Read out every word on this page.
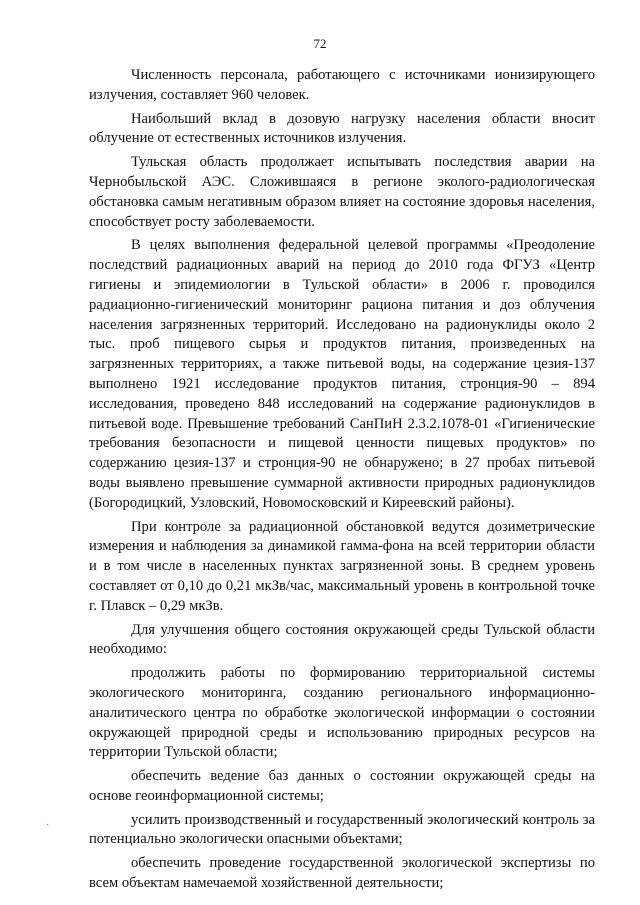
72

Численность персонала, работающего с источниками ионизирующего излучения, составляет 960 человек.

Наибольший вклад в дозовую нагрузку населения области вносит облучение от естественных источников излучения.

Тульская область продолжает испытывать последствия аварии на Чернобыльской АЭС. Сложившаяся в регионе эколого-радиологическая обстановка самым негативным образом влияет на состояние здоровья населения, способствует росту заболеваемости.

В целях выполнения федеральной целевой программы «Преодоление последствий радиационных аварий на период до 2010 года ФГУЗ «Центр гигиены и эпидемиологии в Тульской области» в 2006 г. проводился радиационно-гигиенический мониторинг рациона питания и доз облучения населения загрязненных территорий. Исследовано на радионуклиды около 2 тыс. проб пищевого сырья и продуктов питания, произведенных на загрязненных территориях, а также питьевой воды, на содержание цезия-137 выполнено 1921 исследование продуктов питания, стронция-90 – 894 исследования, проведено 848 исследований на содержание радионуклидов в питьевой воде. Превышение требований СанПиН 2.3.2.1078-01 «Гигиенические требования безопасности и пищевой ценности пищевых продуктов» по содержанию цезия-137 и стронция-90 не обнаружено; в 27 пробах питьевой воды выявлено превышение суммарной активности природных радионуклидов (Богородицкий, Узловский, Новомосковский и Киреевский районы).

При контроле за радиационной обстановкой ведутся дозиметрические измерения и наблюдения за динамикой гамма-фона на всей территории области и в том числе в населенных пунктах загрязненной зоны. В среднем уровень составляет от 0,10 до 0,21 мкЗв/час, максимальный уровень в контрольной точке г. Плавск – 0,29 мкЗв.

Для улучшения общего состояния окружающей среды Тульской области необходимо:

продолжить работы по формированию территориальной системы экологического мониторинга, созданию регионального информационно-аналитического центра по обработке экологической информации о состоянии окружающей природной среды и использованию природных ресурсов на территории Тульской области;

обеспечить ведение баз данных о состоянии окружающей среды на основе геоинформационной системы;

усилить производственный и государственный экологический контроль за потенциально экологически опасными объектами;

обеспечить проведение государственной экологической экспертизы по всем объектам намечаемой хозяйственной деятельности;

·
